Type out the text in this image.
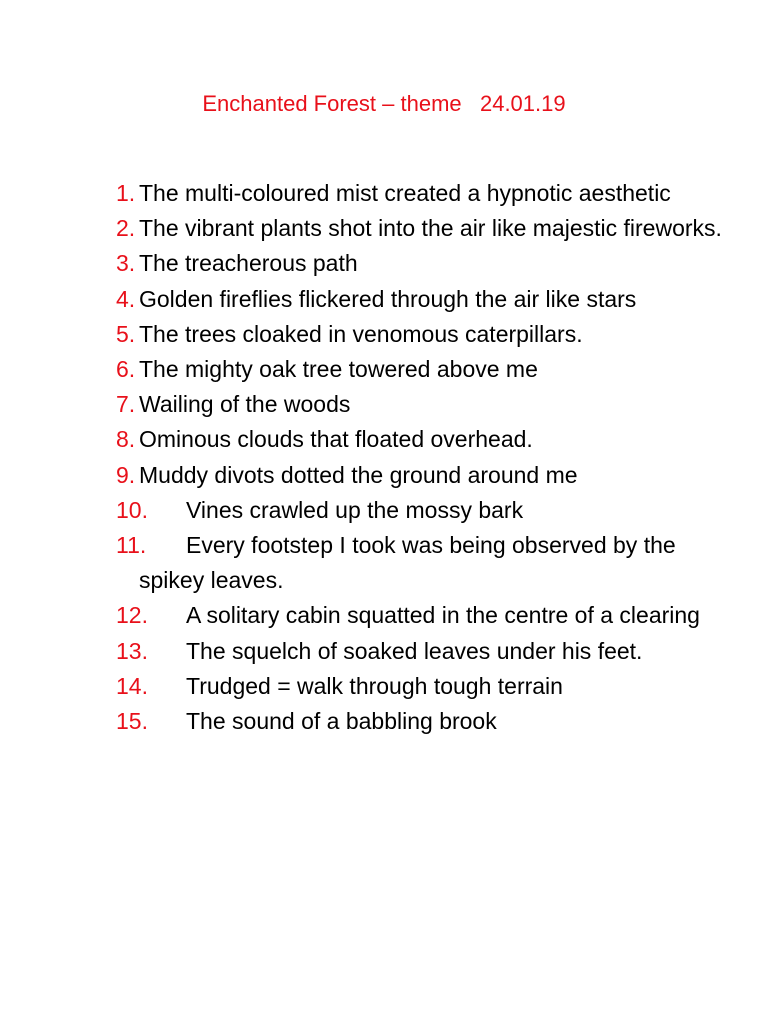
Enchanted Forest – theme   24.01.19
1. The multi-coloured mist created a hypnotic aesthetic
2. The vibrant plants shot into the air like majestic fireworks.
3. The treacherous path
4. Golden fireflies flickered through the air like stars
5. The trees cloaked in venomous caterpillars.
6. The mighty oak tree towered above me
7. Wailing of the woods
8. Ominous clouds that floated overhead.
9. Muddy divots dotted the ground around me
10.	Vines crawled up the mossy bark
11.	Every footstep I took was being observed by the spikey leaves.
12.	A solitary cabin squatted in the centre of a clearing
13.	The squelch of soaked leaves under his feet.
14.	Trudged = walk through tough terrain
15.	The sound of a babbling brook
